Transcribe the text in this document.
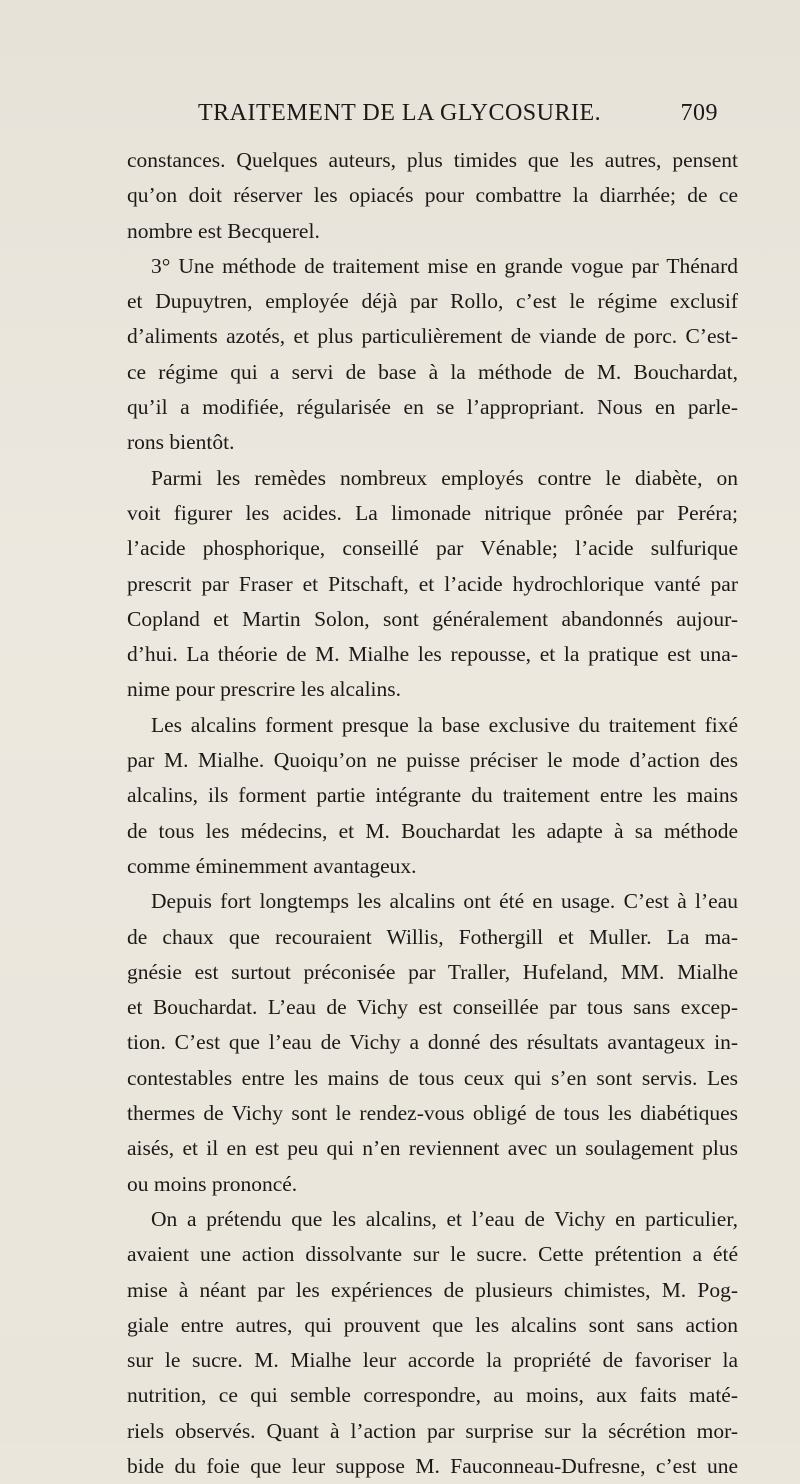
TRAITEMENT DE LA GLYCOSURIE.	709
constances. Quelques auteurs, plus timides que les autres, pensent
qu’on doit réserver les opiacés pour combattre la diarrhée; de ce
nombre est Becquerel.
3° Une méthode de traitement mise en grande vogue par Thénard
et Dupuytren, employée déjà par Rollo, c’est le régime exclusif
d’aliments azotés, et plus particulièrement de viande de porc. C’est-
ce régime qui a servi de base à la méthode de M. Bouchardat,
qu’il a modifiée, régularisée en se l’appropriant. Nous en parle-
rons bientôt.
Parmi les remèdes nombreux employés contre le diabète, on
voit figurer les acides. La limonade nitrique prônée par Peréra;
l’acide phosphorique, conseillé par Vénable; l’acide sulfurique
prescrit par Fraser et Pitschaft, et l’acide hydrochlorique vanté par
Copland et Martin Solon, sont généralement abandonnés aujour-
d’hui. La théorie de M. Mialhe les repousse, et la pratique est una-
nime pour prescrire les alcalins.
Les alcalins forment presque la base exclusive du traitement fixé
par M. Mialhe. Quoiqu’on ne puisse préciser le mode d’action des
alcalins, ils forment partie intégrante du traitement entre les mains
de tous les médecins, et M. Bouchardat les adapte à sa méthode
comme éminemment avantageux.
Depuis fort longtemps les alcalins ont été en usage. C’est à l’eau
de chaux que recouraient Willis, Fothergill et Muller. La ma-
gnésie est surtout préconisée par Traller, Hufeland, MM. Mialhe
et Bouchardat. L’eau de Vichy est conseillée par tous sans excep-
tion. C’est que l’eau de Vichy a donné des résultats avantageux in-
contestables entre les mains de tous ceux qui s’en sont servis. Les
thermes de Vichy sont le rendez-vous obligé de tous les diabétiques
aisés, et il en est peu qui n’en reviennent avec un soulagement plus
ou moins prononcé.
On a prétendu que les alcalins, et l’eau de Vichy en particulier,
avaient une action dissolvante sur le sucre. Cette prétention a été
mise à néant par les expériences de plusieurs chimistes, M. Pog-
giale entre autres, qui prouvent que les alcalins sont sans action
sur le sucre. M. Mialhe leur accorde la propriété de favoriser la
nutrition, ce qui semble correspondre, au moins, aux faits maté-
riels observés. Quant à l’action par surprise sur la sécrétion mor-
bide du foie que leur suppose M. Fauconneau-Dufresne, c’est une
